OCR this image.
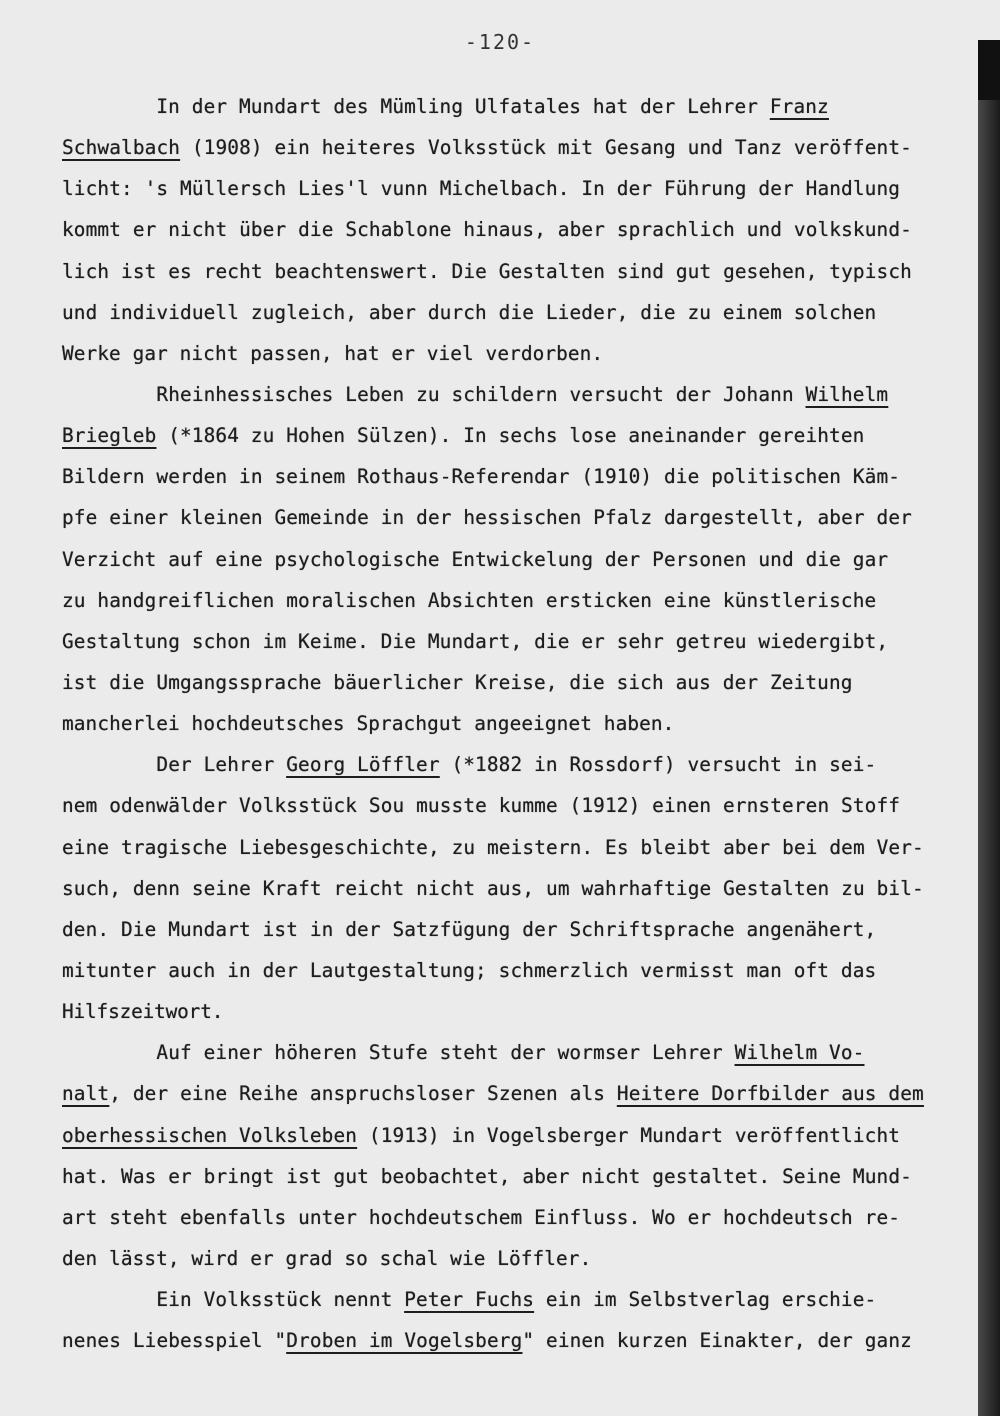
-120-
In der Mundart des Mümling Ulfatales hat der Lehrer Franz
Schwalbach (1908) ein heiteres Volksstück mit Gesang und Tanz veröffent-
licht: 's Müllersch Lies'l vunn Michelbach. In der Führung der Handlung
kommt er nicht über die Schablone hinaus, aber sprachlich und volkskund-
lich ist es recht beachtenswert. Die Gestalten sind gut gesehen, typisch
und individuell zugleich, aber durch die Lieder, die zu einem solchen
Werke gar nicht passen, hat er viel verdorben.
Rheinhessisches Leben zu schildern versucht der Johann Wilhelm
Briegleb (*1864 zu Hohen Sülzen). In sechs lose aneinander gereihten
Bildern werden in seinem Rothaus-Referendar (1910) die politischen Käm-
pfe einer kleinen Gemeinde in der hessischen Pfalz dargestellt, aber der
Verzicht auf eine psychologische Entwickelung der Personen und die gar
zu handgreiflichen moralischen Absichten ersticken eine künstlerische
Gestaltung schon im Keime. Die Mundart, die er sehr getreu wiedergibt,
ist die Umgangssprache bäuerlicher Kreise, die sich aus der Zeitung
mancherlei hochdeutsches Sprachgut angeeignet haben.
Der Lehrer Georg Löffler (*1882 in Rossdorf) versucht in sei-
nem odenwälder Volksstück Sou musste kumme (1912) einen ernsteren Stoff
eine tragische Liebesgeschichte, zu meistern. Es bleibt aber bei dem Ver-
such, denn seine Kraft reicht nicht aus, um wahrhaftige Gestalten zu bil-
den. Die Mundart ist in der Satzfügung der Schriftsprache angenähert,
mitunter auch in der Lautgestaltung; schmerzlich vermisst man oft das
Hilfszeitwort.
Auf einer höheren Stufe steht der wormser Lehrer Wilhelm Vo-
nalt, der eine Reihe anspruchsloser Szenen als Heitere Dorfbilder aus dem
oberhessischen Volksleben (1913) in Vogelsberger Mundart veröffentlicht
hat. Was er bringt ist gut beobachtet, aber nicht gestaltet. Seine Mund-
art steht ebenfalls unter hochdeutschem Einfluss. Wo er hochdeutsch re-
den lässt, wird er grad so schal wie Löffler.
Ein Volksstück nennt Peter Fuchs ein im Selbstverlag erschie-
nenes Liebesspiel "Droben im Vogelsberg" einen kurzen Einakter, der ganz
